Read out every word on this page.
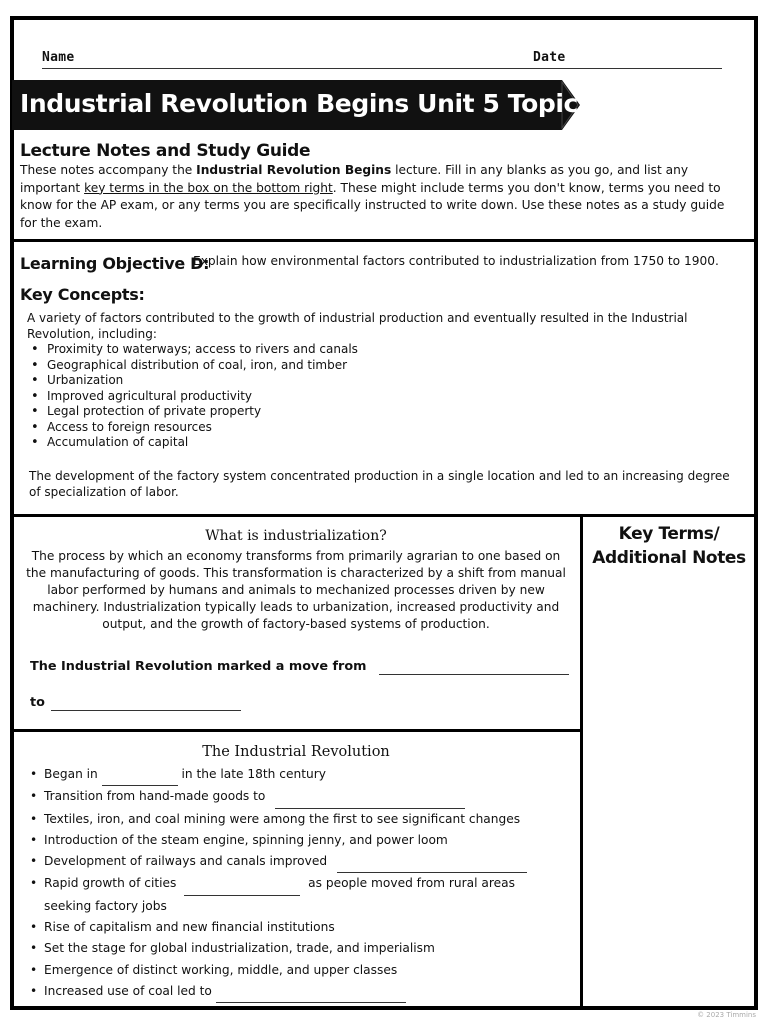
Name	Date
Industrial Revolution Begins Unit 5 Topic 3
Lecture Notes and Study Guide

These notes accompany the Industrial Revolution Begins lecture. Fill in any blanks as you go, and list any important key terms in the box on the bottom right. These might include terms you don't know, terms you need to know for the AP exam, or any terms you are specifically instructed to write down. Use these notes as a study guide for the exam.

Learning Objective D:
Explain how environmental factors contributed to industrialization from 1750 to 1900.
Key Concepts:

A variety of factors contributed to the growth of industrial production and eventually resulted in the Industrial Revolution, including:

• Proximity to waterways; access to rivers and canals
• Geographical distribution of coal, iron, and timber
• Urbanization
• Improved agricultural productivity
• Legal protection of private property
• Access to foreign resources
• Accumulation of capital

The development of the factory system concentrated production in a single location and led to an increasing degree of specialization of labor.

Key Terms/
Additional Notes
What is industrialization?

The process by which an economy transforms from primarily agrarian to one based on the manufacturing of goods. This transformation is characterized by a shift from manual labor performed by humans and animals to mechanized processes driven by new machinery. Industrialization typically leads to urbanization, increased productivity and output, and the growth of factory-based systems of production.

The Industrial Revolution marked a move from
to
The Industrial Revolution
• Began in	in the late 18th century
• Transition from hand-made goods to
• Textiles, iron, and coal mining were among the first to see significant changes
• Introduction of the steam engine, spinning jenny, and power loom
• Development of railways and canals improved
• Rapid growth of cities	as people moved from rural areas
seeking factory jobs
• Rise of capitalism and new financial institutions
• Set the stage for global industrialization, trade, and imperialism
• Emergence of distinct working, middle, and upper classes
• Increased use of coal led to
© 2023 Timmins
